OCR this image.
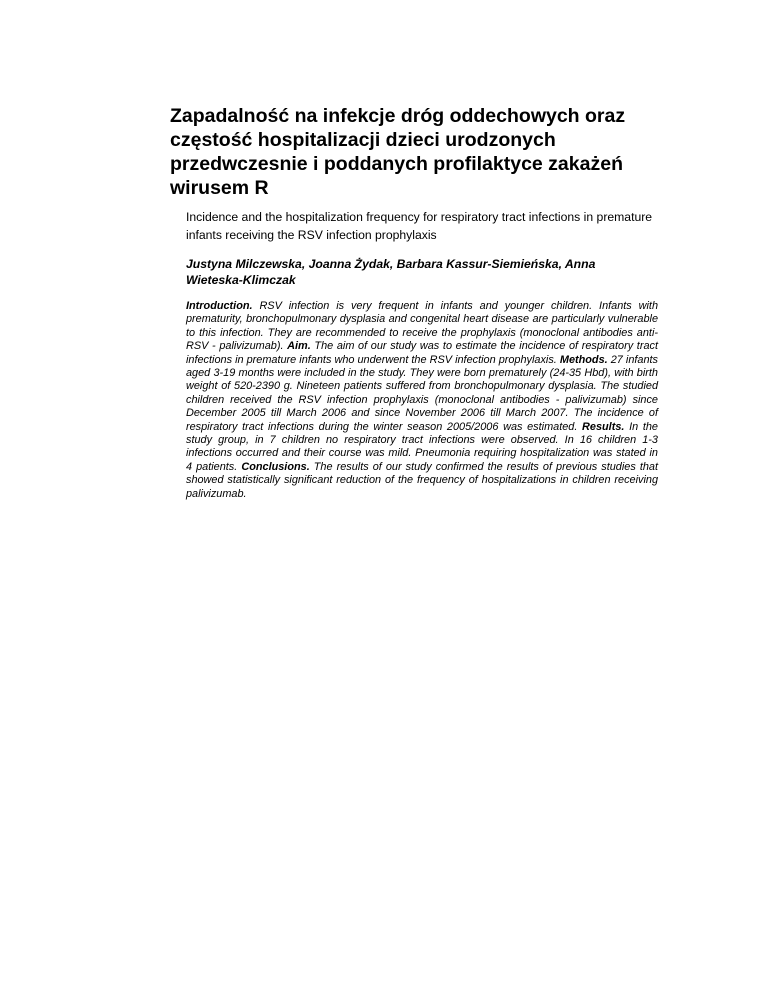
Zapadalność na infekcje dróg oddechowych oraz częstość hospitalizacji dzieci urodzonych przedwczesnie i poddanych profilaktyce zakażeń wirusem R

Incidence and the hospitalization frequency for respiratory tract infections in premature infants receiving the RSV infection prophylaxis

Justyna Milczewska, Joanna Żydak, Barbara Kassur-Siemieńska, Anna Wieteska-Klimczak

Introduction. RSV infection is very frequent in infants and younger children. Infants with prematurity, bronchopulmonary dysplasia and congenital heart disease are particularly vulnerable to this infection. They are recommended to receive the prophylaxis (monoclonal antibodies anti-RSV - palivizumab). Aim. The aim of our study was to estimate the incidence of respiratory tract infections in premature infants who underwent the RSV infection prophylaxis. Methods. 27 infants aged 3-19 months were included in the study. They were born prematurely (24-35 Hbd), with birth weight of 520-2390 g. Nineteen patients suffered from bronchopulmonary dysplasia. The studied children received the RSV infection prophylaxis (monoclonal antibodies - palivizumab) since December 2005 till March 2006 and since November 2006 till March 2007. The incidence of respiratory tract infections during the winter season 2005/2006 was estimated. Results. In the study group, in 7 children no respiratory tract infections were observed. In 16 children 1-3 infections occurred and their course was mild. Pneumonia requiring hospitalization was stated in 4 patients. Conclusions. The results of our study confirmed the results of previous studies that showed statistically significant reduction of the frequency of hospitalizations in children receiving palivizumab.
